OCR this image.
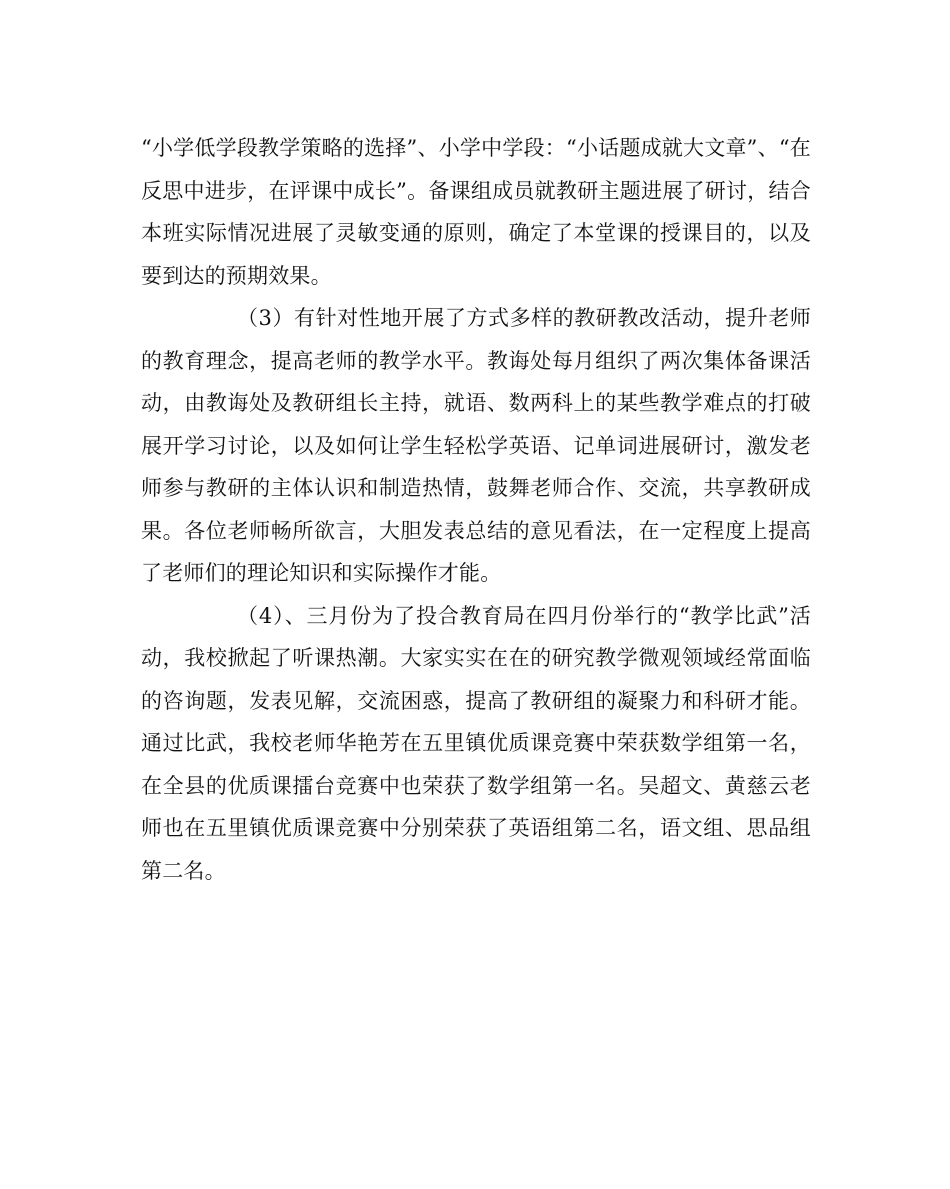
“小学低学段教学策略的选择”、小学中学段：“小话题成就大文章”、“在反思中进步，在评课中成长”。备课组成员就教研主题进展了研讨，结合本班实际情况进展了灵敏变通的原则，确定了本堂课的授课目的，以及要到达的预期效果。

（3）有针对性地开展了方式多样的教研教改活动，提升老师的教育理念，提高老师的教学水平。教诲处每月组织了两次集体备课活动，由教诲处及教研组长主持，就语、数两科上的某些教学难点的打破展开学习讨论，以及如何让学生轻松学英语、记单词进展研讨，激发老师参与教研的主体认识和制造热情，鼓舞老师合作、交流，共享教研成果。各位老师畅所欲言，大胆发表总结的意见看法，在一定程度上提高了老师们的理论知识和实际操作才能。

（4）、三月份为了投合教育局在四月份举行的“教学比武”活动，我校掀起了听课热潮。大家实实在在的研究教学微观领域经常面临的咨询题，发表见解，交流困惑，提高了教研组的凝聚力和科研才能。通过比武，我校老师华艳芳在五里镇优质课竞赛中荣获数学组第一名，在全县的优质课擂台竞赛中也荣获了数学组第一名。吴超文、黄慈云老师也在五里镇优质课竞赛中分别荣获了英语组第二名，语文组、思品组第二名。
